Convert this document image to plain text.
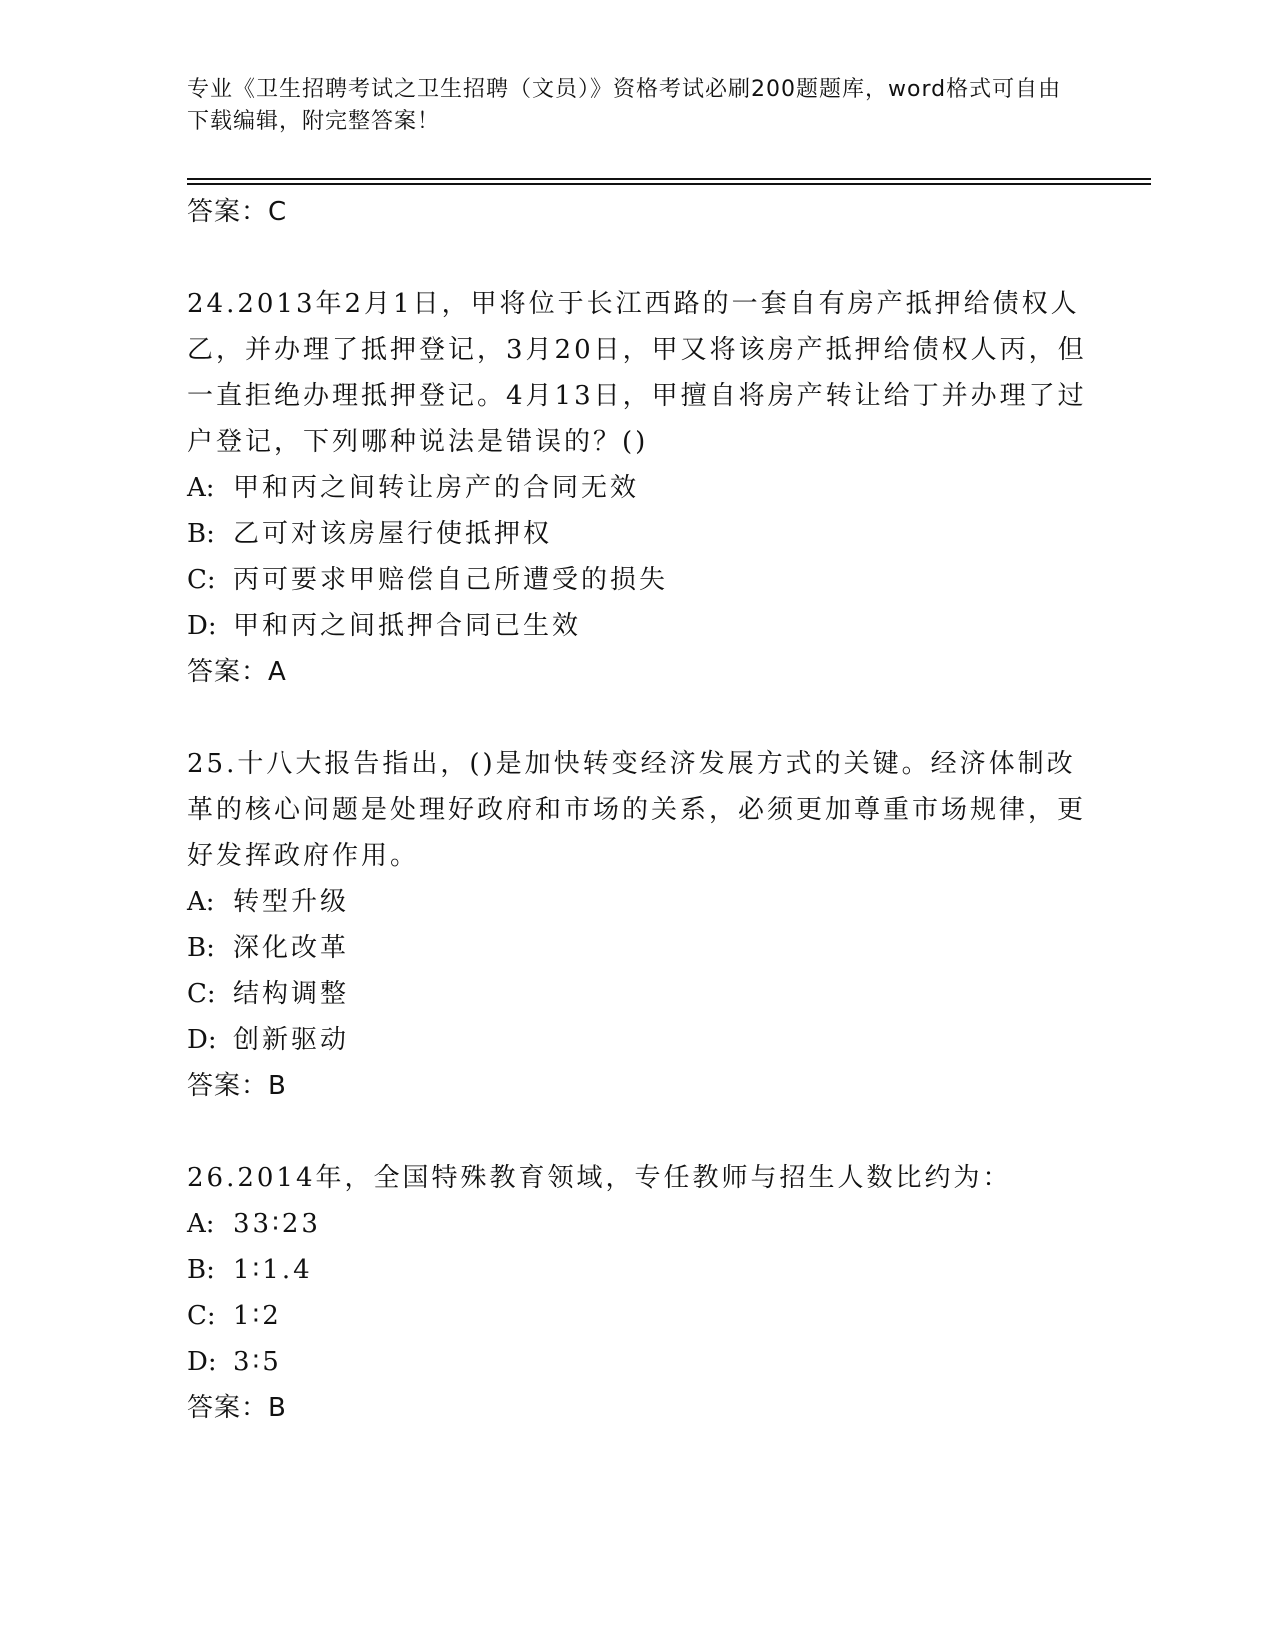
专业《卫生招聘考试之卫生招聘（文员）》资格考试必刷200题题库，word格式可自由下载编辑，附完整答案！
答案：C
24.2013年2月1日，甲将位于长江西路的一套自有房产抵押给债权人乙，并办理了抵押登记，3月20日，甲又将该房产抵押给债权人丙，但一直拒绝办理抵押登记。4月13日，甲擅自将房产转让给丁并办理了过户登记，下列哪种说法是错误的？()
A: 甲和丙之间转让房产的合同无效
B: 乙可对该房屋行使抵押权
C: 丙可要求甲赔偿自己所遭受的损失
D: 甲和丙之间抵押合同已生效
答案：A
25.十八大报告指出，()是加快转变经济发展方式的关键。经济体制改革的核心问题是处理好政府和市场的关系，必须更加尊重市场规律，更好发挥政府作用。
A: 转型升级
B: 深化改革
C: 结构调整
D: 创新驱动
答案：B
26.2014年，全国特殊教育领域，专任教师与招生人数比约为：
A: 33∶23
B: 1∶1.4
C: 1∶2
D: 3∶5
答案：B
